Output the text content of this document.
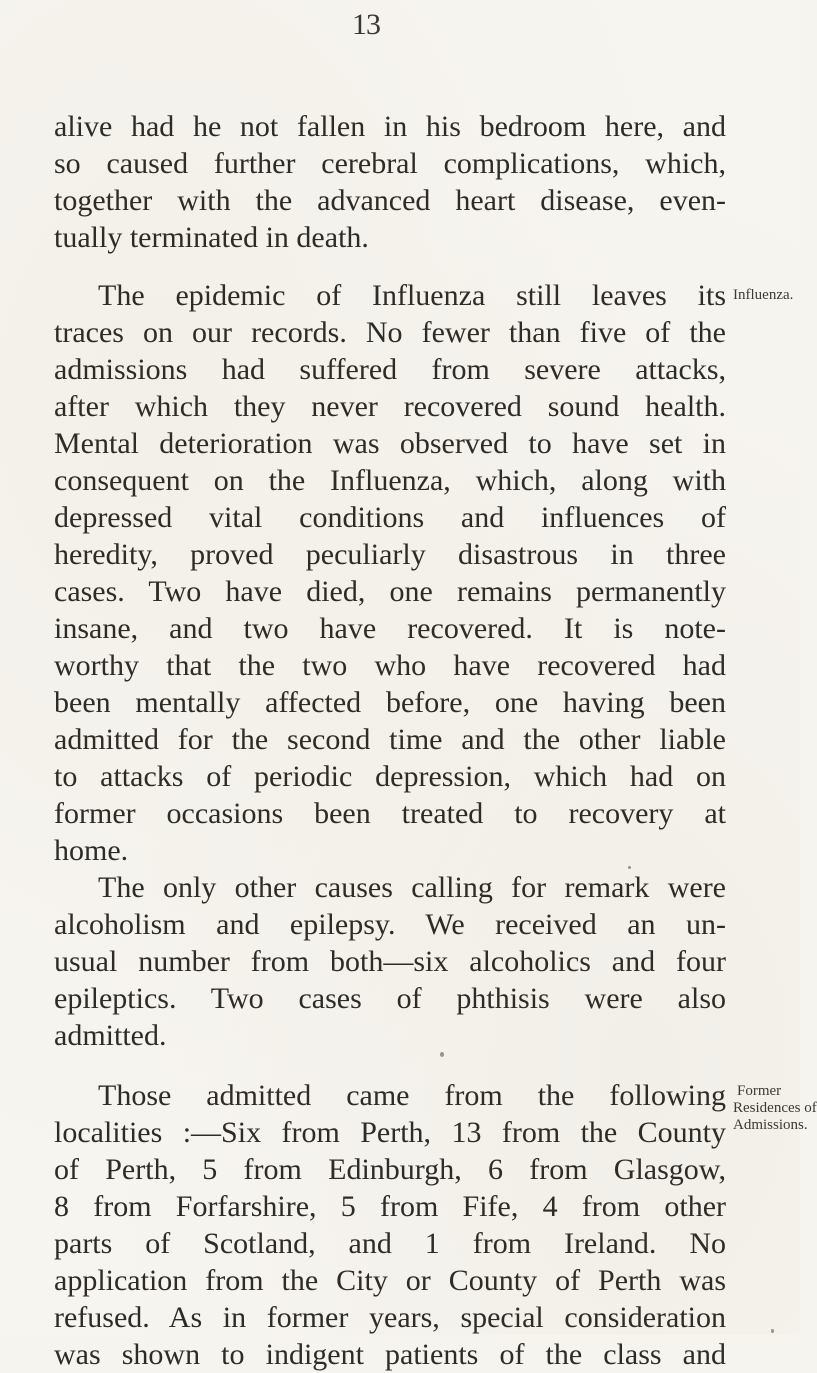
13
alive had he not fallen in his bedroom here, and
so caused further cerebral complications, which,
together with the advanced heart disease, even-
tually terminated in death.
The epidemic of Influenza still leaves its
traces on our records. No fewer than five of the
admissions had suffered from severe attacks,
after which they never recovered sound health.
Mental deterioration was observed to have set in
consequent on the Influenza, which, along with
depressed vital conditions and influences of
heredity, proved peculiarly disastrous in three
cases. Two have died, one remains permanently
insane, and two have recovered. It is note-
worthy that the two who have recovered had
been mentally affected before, one having been
admitted for the second time and the other liable
to attacks of periodic depression, which had on
former occasions been treated to recovery at
home.
The only other causes calling for remark were
alcoholism and epilepsy. We received an un-
usual number from both—six alcoholics and four
epileptics. Two cases of phthisis were also
admitted.
Those admitted came from the following
localities :—Six from Perth, 13 from the County
of Perth, 5 from Edinburgh, 6 from Glasgow,
8 from Forfarshire, 5 from Fife, 4 from other
parts of Scotland, and 1 from Ireland. No
application from the City or County of Perth was
refused. As in former years, special consideration
was shown to indigent patients of the class and
Influenza.
Former
Residences of
Admissions.
